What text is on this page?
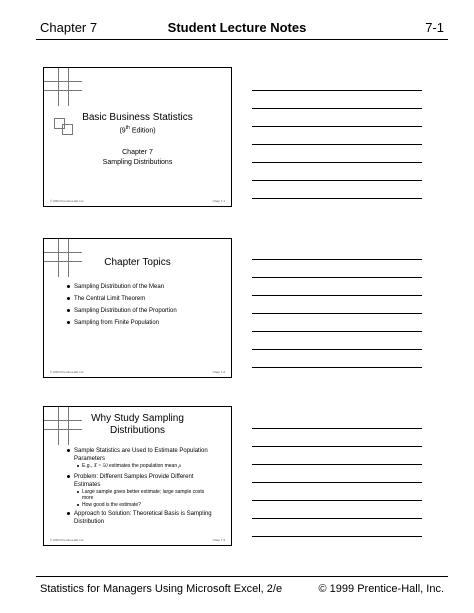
Chapter 7	Student Lecture Notes	7-1
Basic Business Statistics
(9th Edition)
Chapter 7
Sampling Distributions
© 2004 Prentice-Hall, Inc.	Chap 7-1
Chapter Topics
Sampling Distribution of the Mean
The Central Limit Theorem
Sampling Distribution of the Proportion
Sampling from Finite Population
© 2004 Prentice-Hall, Inc.	Chap 7-2
Why Study Sampling
Distributions
Sample Statistics are Used to Estimate Population Parameters
E.g., X̄ = 50 estimates the population mean μ
Problem: Different Samples Provide Different Estimates
Large sample gives better estimate; large sample costs more
How good is the estimate?
Approach to Solution: Theoretical Basis is Sampling Distribution
© 2004 Prentice-Hall, Inc.	Chap 7-3
Statistics for Managers Using Microsoft Excel, 2/e	© 1999 Prentice-Hall, Inc.
